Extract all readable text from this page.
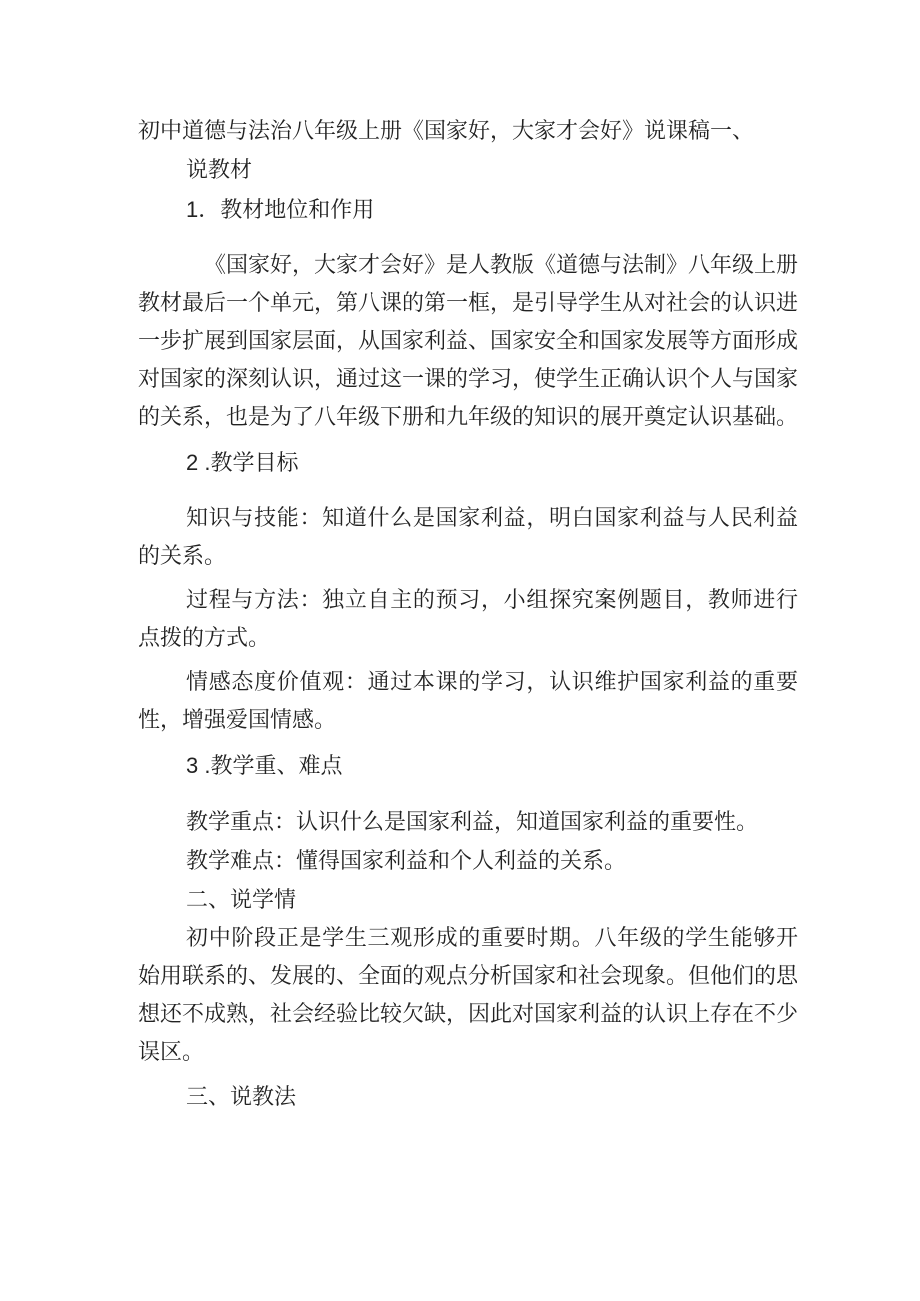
初中道德与法治八年级上册《国家好，大家才会好》说课稿一、

说教材

1．教材地位和作用

《国家好，大家才会好》是人教版《道德与法制》八年级上册教材最后一个单元，第八课的第一框，是引导学生从对社会的认识进一步扩展到国家层面，从国家利益、国家安全和国家发展等方面形成对国家的深刻认识，通过这一课的学习，使学生正确认识个人与国家的关系，也是为了八年级下册和九年级的知识的展开奠定认识基础。

2 .教学目标

知识与技能：知道什么是国家利益，明白国家利益与人民利益的关系。

过程与方法：独立自主的预习，小组探究案例题目，教师进行点拨的方式。

情感态度价值观：通过本课的学习，认识维护国家利益的重要性，增强爱国情感。

3 .教学重、难点

教学重点：认识什么是国家利益，知道国家利益的重要性。

教学难点：懂得国家利益和个人利益的关系。

二、说学情

初中阶段正是学生三观形成的重要时期。八年级的学生能够开始用联系的、发展的、全面的观点分析国家和社会现象。但他们的思想还不成熟，社会经验比较欠缺，因此对国家利益的认识上存在不少误区。

三、说教法
